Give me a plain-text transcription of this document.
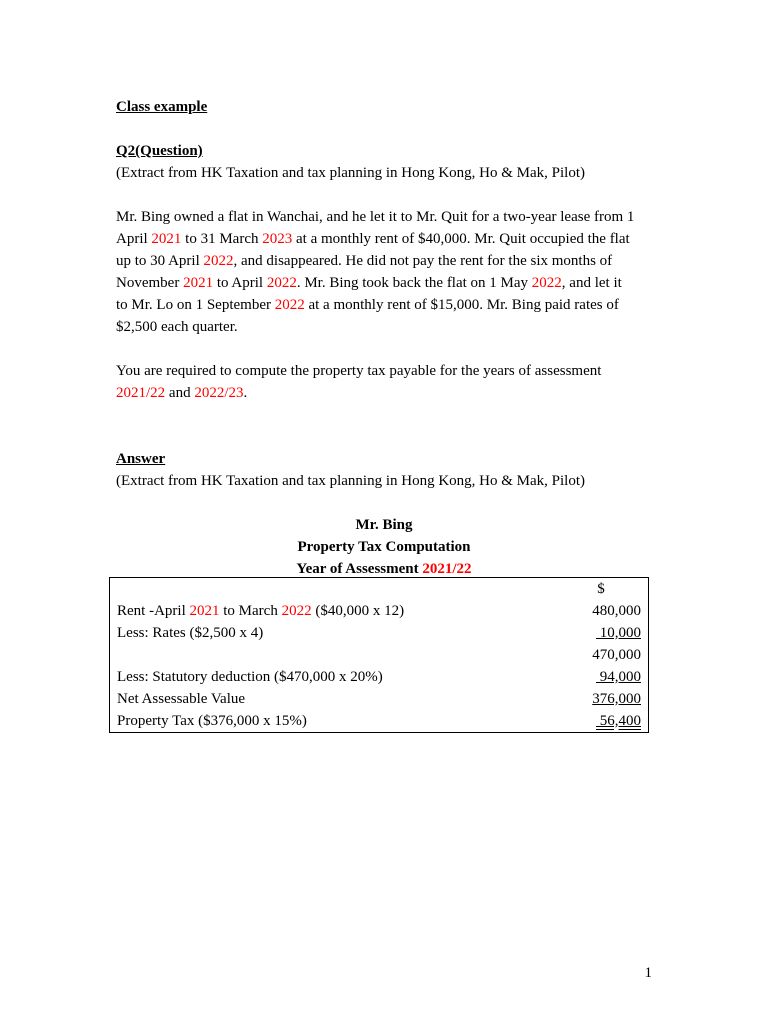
Class example
Q2(Question)
(Extract from HK Taxation and tax planning in Hong Kong, Ho & Mak, Pilot)
Mr. Bing owned a flat in Wanchai, and he let it to Mr. Quit for a two-year lease from 1
April 2021 to 31 March 2023 at a monthly rent of $40,000. Mr. Quit occupied the flat
up to 30 April 2022, and disappeared. He did not pay the rent for the six months of
November 2021 to April 2022. Mr. Bing took back the flat on 1 May 2022, and let it
to Mr. Lo on 1 September 2022 at a monthly rent of $15,000. Mr. Bing paid rates of
$2,500 each quarter.
You are required to compute the property tax payable for the years of assessment
2021/22 and 2022/23.
Answer
(Extract from HK Taxation and tax planning in Hong Kong, Ho & Mak, Pilot)
Mr. Bing
Property Tax Computation
Year of Assessment 2021/22
	$
Rent -April 2021 to March 2022 ($40,000 x 12)	480,000
Less: Rates ($2,500 x 4)	10,000
	470,000
Less: Statutory deduction ($470,000 x 20%)	94,000
Net Assessable Value	376,000
Property Tax ($376,000 x 15%)	56,400
1
